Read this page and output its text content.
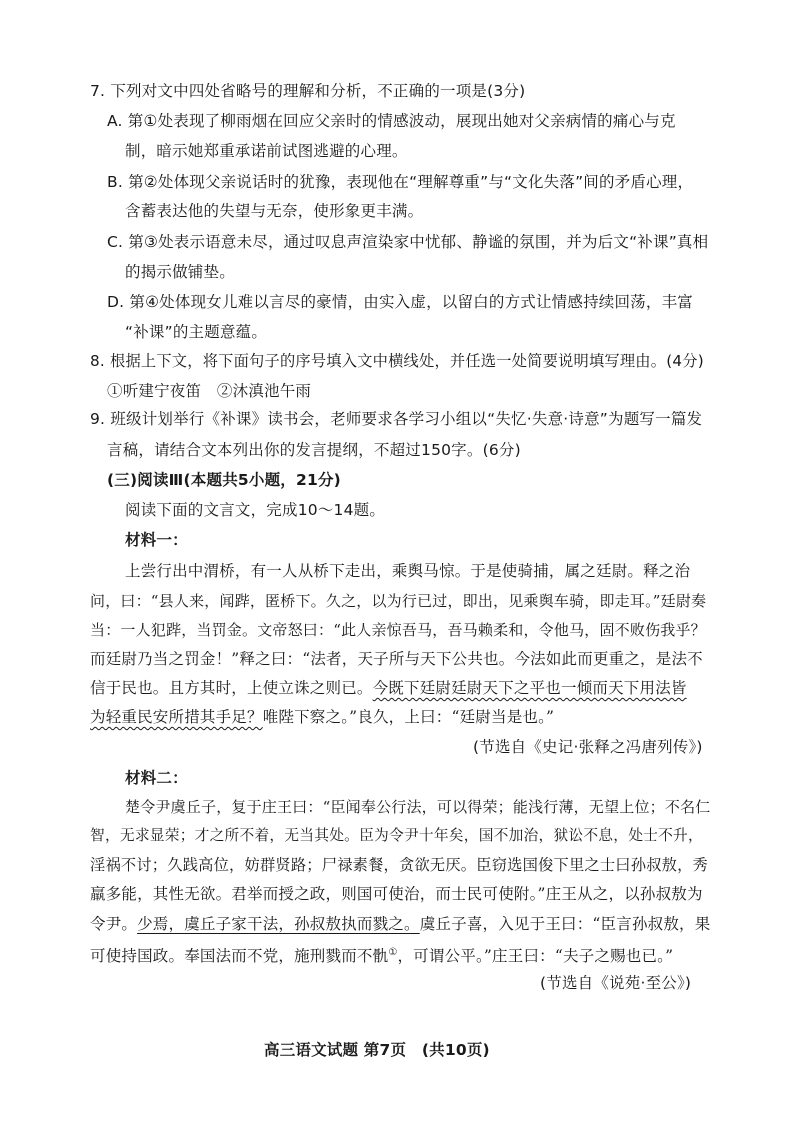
7. 下列对文中四处省略号的理解和分析，不正确的一项是(3分)
A. 第①处表现了柳雨烟在回应父亲时的情感波动，展现出她对父亲病情的痛心与克
制，暗示她郑重承诺前试图逃避的心理。
B. 第②处体现父亲说话时的犹豫，表现他在“理解尊重”与“文化失落”间的矛盾心理，
含蓄表达他的失望与无奈，使形象更丰满。
C. 第③处表示语意未尽，通过叹息声渲染家中忧郁、静谧的氛围，并为后文“补课”真相
的揭示做铺垫。
D. 第④处体现女儿难以言尽的豪情，由实入虚，以留白的方式让情感持续回荡，丰富
“补课”的主题意蕴。
8. 根据上下文，将下面句子的序号填入文中横线处，并任选一处简要说明填写理由。(4分)
①听建宁夜笛　②沐滇池午雨
9. 班级计划举行《补课》读书会，老师要求各学习小组以“失忆·失意·诗意”为题写一篇发
言稿，请结合文本列出你的发言提纲，不超过150字。(6分)
(三)阅读Ⅲ(本题共5小题，21分)
阅读下面的文言文，完成10～14题。
材料一：
上尝行出中渭桥，有一人从桥下走出，乘舆马惊。于是使骑捕，属之廷尉。释之治
问，曰：“县人来，闻跸，匿桥下。久之，以为行已过，即出，见乘舆车骑，即走耳。”廷尉奏
当：一人犯跸，当罚金。文帝怒曰：“此人亲惊吾马，吾马赖柔和，令他马，固不败伤我乎？
而廷尉乃当之罚金！”释之曰：“法者，天子所与天下公共也。今法如此而更重之，是法不
信于民也。且方其时，上使立诛之则已。今既下廷尉廷尉天下之平也一倾而天下用法皆
为轻重民安所措其手足？唯陛下察之。”良久，上曰：“廷尉当是也。”
(节选自《史记·张释之冯唐列传》)
材料二：
楚令尹虞丘子，复于庄王曰：“臣闻奉公行法，可以得荣；能浅行薄，无望上位；不名仁
智，无求显荣；才之所不着，无当其处。臣为令尹十年矣，国不加治，狱讼不息，处士不升，
淫祸不讨；久践高位，妨群贤路；尸禄素餐，贪欲无厌。臣窃选国俊下里之士曰孙叔敖，秀
羸多能，其性无欲。君举而授之政，则国可使治，而士民可使附。”庄王从之，以孙叔敖为
令尹。少焉，虞丘子家干法，孙叔敖执而戮之。虞丘子喜，入见于王曰：“臣言孙叔敖，果
可使持国政。奉国法而不党，施刑戮而不骩①，可谓公平。”庄王曰：“夫子之赐也已。”
(节选自《说苑·至公》)
高三语文试题 第7页　(共10页)
